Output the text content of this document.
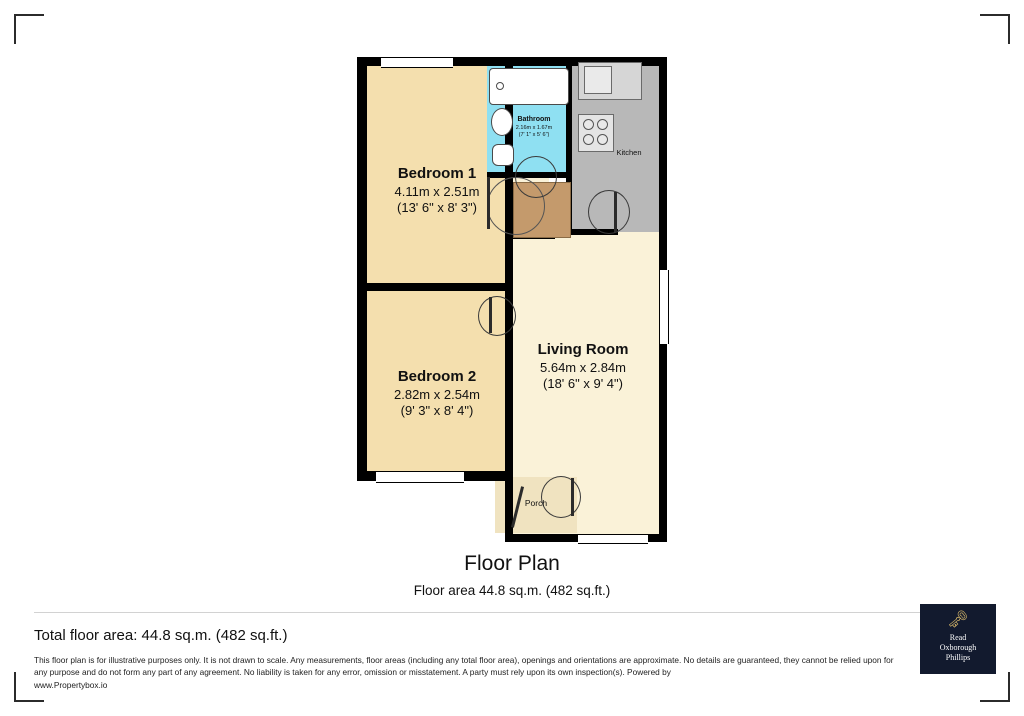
Bedroom 1
4.11m x 2.51m
(13' 6" x 8' 3")
Bedroom 2
2.82m x 2.54m
(9' 3" x 8' 4")
Living Room
5.64m x 2.84m
(18' 6" x 9' 4")
Bathroom
2.16m x 1.67m
(7' 1" x 5' 6")
Kitchen
Porch
Floor Plan
Floor area 44.8 sq.m. (482 sq.ft.)
Total floor area: 44.8 sq.m. (482 sq.ft.)
This floor plan is for illustrative purposes only. It is not drawn to scale. Any measurements, floor areas (including any total floor area), openings and orientations are approximate. No details are guaranteed, they cannot be relied upon for any purpose and do not form any part of any agreement. No liability is taken for any error, omission or misstatement. A party must rely upon its own inspection(s). Powered by
www.Propertybox.io
🗝
Read
Oxborough
Phillips
